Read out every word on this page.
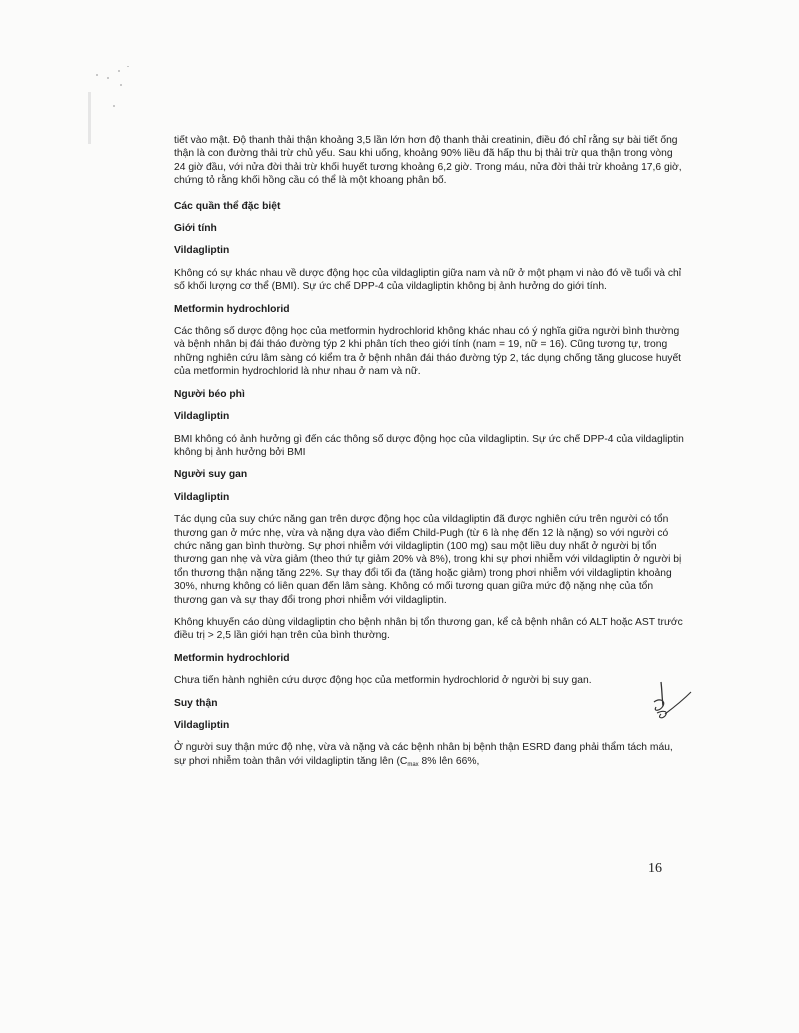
tiết vào mật. Độ thanh thải thận khoảng 3,5 lần lớn hơn độ thanh thải creatinin, điều đó chỉ rằng sự bài tiết ống thận là con đường thải trừ chủ yếu. Sau khi uống, khoảng 90% liều đã hấp thu bị thải trừ qua thận trong vòng 24 giờ đầu, với nửa đời thải trừ khối huyết tương khoảng 6,2 giờ. Trong máu, nửa đời thải trừ khoảng 17,6 giờ, chứng tỏ rằng khối hồng cầu có thể là một khoang phân bố.

Các quần thể đặc biệt

Giới tính

Vildagliptin

Không có sự khác nhau về dược động học của vildagliptin giữa nam và nữ ở một phạm vi nào đó về tuổi và chỉ số khối lượng cơ thể (BMI). Sự ức chế DPP-4 của vildagliptin không bị ảnh hưởng do giới tính.

Metformin hydrochlorid

Các thông số dược động học của metformin hydrochlorid không khác nhau có ý nghĩa giữa người bình thường và bệnh nhân bị đái tháo đường týp 2 khi phân tích theo giới tính (nam = 19, nữ = 16). Cũng tương tự, trong những nghiên cứu lâm sàng có kiểm tra ở bệnh nhân đái tháo đường týp 2, tác dụng chống tăng glucose huyết của metformin hydrochlorid là như nhau ở nam và nữ.

Người béo phì

Vildagliptin

BMI không có ảnh hưởng gì đến các thông số dược động học của vildagliptin. Sự ức chế DPP-4 của vildagliptin không bị ảnh hưởng bởi BMI

Người suy gan

Vildagliptin

Tác dụng của suy chức năng gan trên dược động học của vildagliptin đã được nghiên cứu trên người có tổn thương gan ở mức nhẹ, vừa và nặng dựa vào điểm Child-Pugh (từ 6 là nhẹ đến 12 là nặng) so với người có chức năng gan bình thường. Sự phơi nhiễm với vildagliptin (100 mg) sau một liều duy nhất ở người bị tổn thương gan nhẹ và vừa giảm (theo thứ tự giảm 20% và 8%), trong khi sự phơi nhiễm với vildagliptin ở người bị tổn thương thận nặng tăng 22%. Sự thay đổi tối đa (tăng hoặc giảm) trong phơi nhiễm với vildagliptin khoảng 30%, nhưng không có liên quan đến lâm sàng. Không có mối tương quan giữa mức độ nặng nhẹ của tổn thương gan và sự thay đổi trong phơi nhiễm với vildagliptin.

Không khuyến cáo dùng vildagliptin cho bệnh nhân bị tổn thương gan, kể cả bệnh nhân có ALT hoặc AST trước điều trị > 2,5 lần giới hạn trên của bình thường.

Metformin hydrochlorid

Chưa tiến hành nghiên cứu dược động học của metformin hydrochlorid ở người bị suy gan.

Suy thận

Vildagliptin

Ở người suy thận mức độ nhẹ, vừa và nặng và các bệnh nhân bị bệnh thận ESRD đang phải thẩm tách máu, sự phơi nhiễm toàn thân với vildagliptin tăng lên ($C_{max}$ 8% lên 66%,

16
